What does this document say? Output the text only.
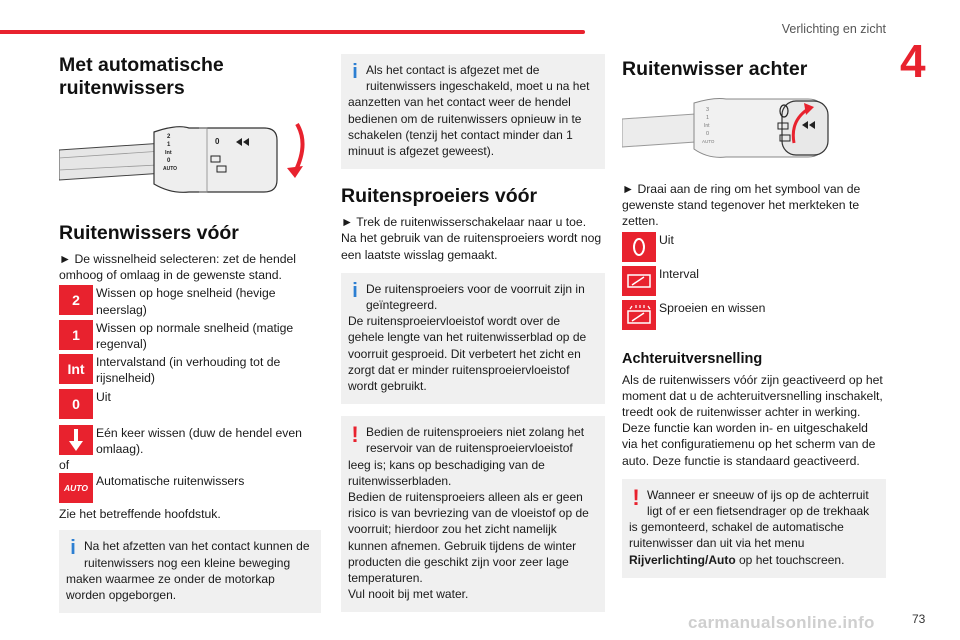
Verlichting en zicht
4
Met automatische ruitenwissers
2
1
Int
0
AUTO
0
Ruitenwissers vóór

► De wissnelheid selecteren: zet de hendel omhoog of omlaag in de gewenste stand.

2	Wissen op hoge snelheid (hevige neerslag)
1	Wissen op normale snelheid (matige regenval)
Int Intervalstand (in verhouding tot de rijsnelheid)
0	Uit
Eén keer wissen (duw de hendel even omlaag).

of

AUTO Automatische ruitenwissers

Zie het betreffende hoofdstuk.

i Na het afzetten van het contact kunnen de ruitenwissers nog een kleine beweging maken waarmee ze onder de motorkap worden opgeborgen.
i Als het contact is afgezet met de ruitenwissers ingeschakeld, moet u na het aanzetten van het contact weer de hendel bedienen om de ruitenwissers opnieuw in te schakelen (tenzij het contact minder dan 1 minuut is afgezet geweest).
Ruitensproeiers vóór

► Trek de ruitenwisserschakelaar naar u toe. Na het gebruik van de ruitensproeiers wordt nog een laatste wisslag gemaakt.

i De ruitensproeiers voor de voorruit zijn in geïntegreerd.
De ruitensproeiervloeistof wordt over de gehele lengte van het ruitenwisserblad op de voorruit gesproeid. Dit verbetert het zicht en zorgt dat er minder ruitensproeiervloeistof wordt gebruikt.
! Bedien de ruitensproeiers niet zolang het reservoir van de ruitensproeiervloeistof leeg is; kans op beschadiging van de ruitenwisserbladen.
Bedien de ruitensproeiers alleen als er geen risico is van bevriezing van de vloeistof op de voorruit; hierdoor zou het zicht namelijk kunnen afnemen. Gebruik tijdens de winter producten die geschikt zijn voor zeer lage temperaturen.
Vul nooit bij met water.
Ruitenwisser achter
3
1
Int
0
AUTO

► Draai aan de ring om het symbool van de gewenste stand tegenover het merkteken te zetten.

Uit
Interval
Sproeien en wissen
Achteruitversnelling

Als de ruitenwissers vóór zijn geactiveerd op het moment dat u de achteruitversnelling inschakelt, treedt ook de ruitenwisser achter in werking. Deze functie kan worden in- en uitgeschakeld via het configuratiemenu op het scherm van de auto. Deze functie is standaard geactiveerd.

! Wanneer er sneeuw of ijs op de achterruit ligt of er een fietsendrager op de trekhaak is gemonteerd, schakel de automatische ruitenwisser dan uit via het menu Rijverlichting/Auto op het touchscreen.
carmanualsonline.info	73
